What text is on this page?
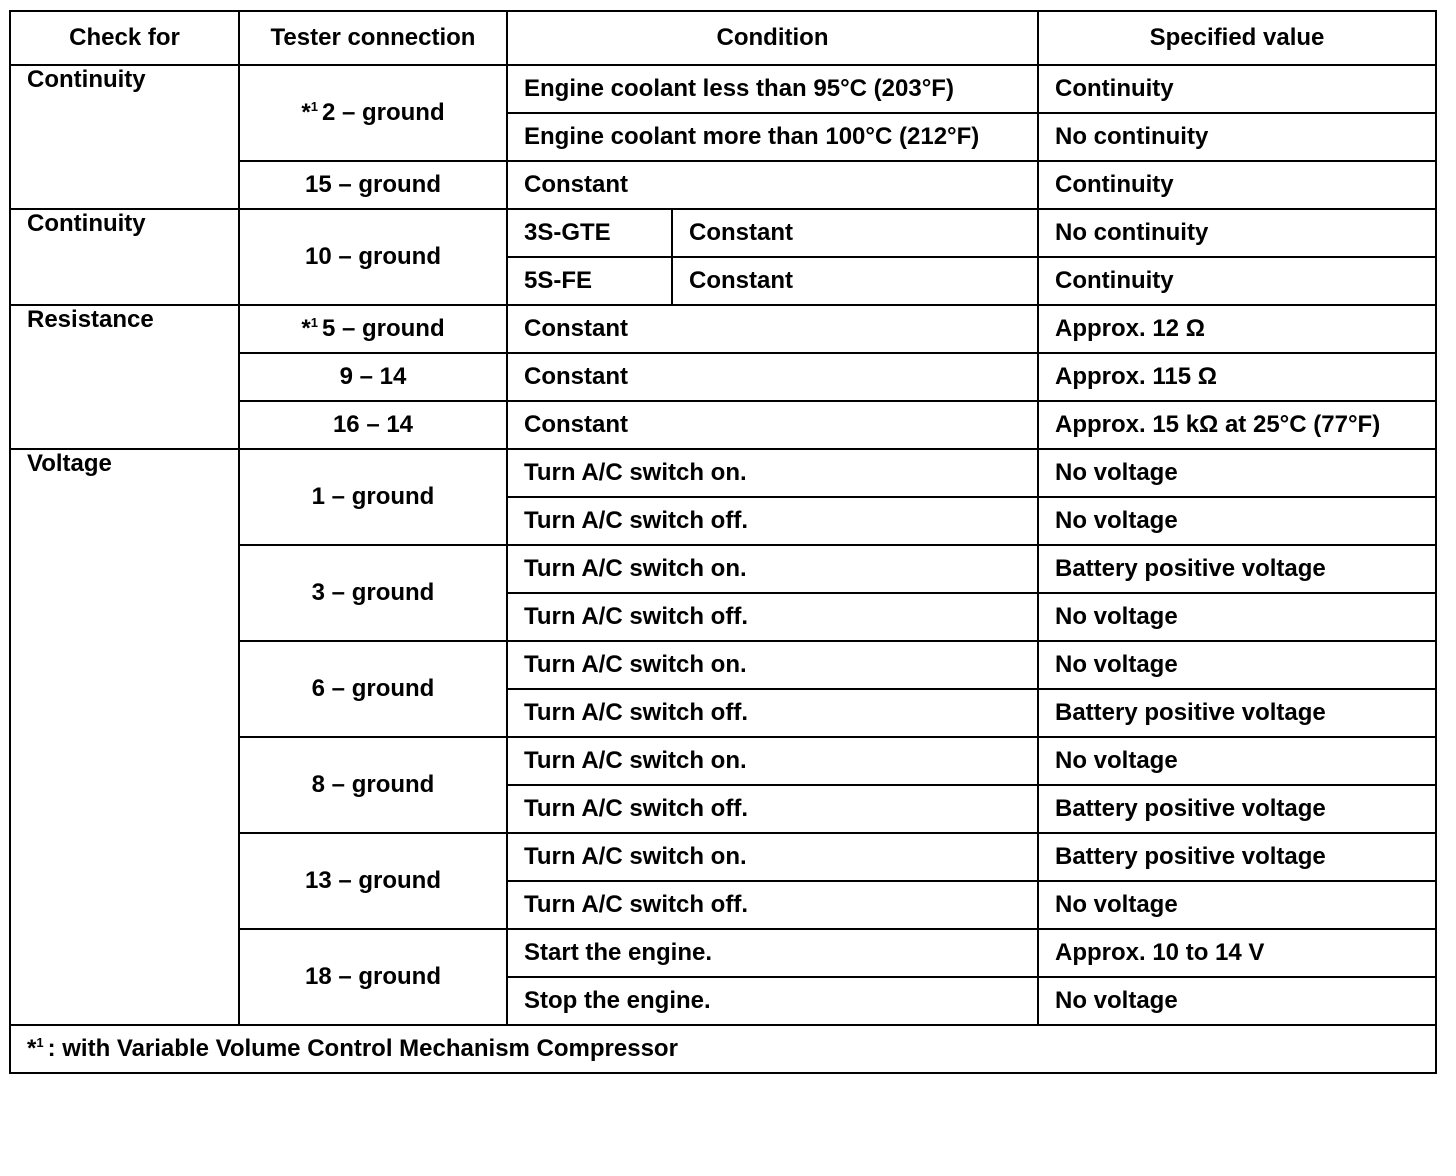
Check for	Tester connection	Condition		Specified value
Continuity	*$^1$ 2 – ground	Engine coolant less than 95°C (203°F)		Continuity
		Engine coolant more than 100°C (212°F)		No continuity
	15 – ground	Constant		Continuity
Continuity	10 – ground	3S-GTE	Constant	No continuity
		5S-FE	Constant	Continuity
Resistance	*$^1$ 5 – ground	Constant		Approx. 12 Ω
	9 – 14	Constant		Approx. 115 Ω
	16 – 14	Constant		Approx. 15 kΩ at 25°C (77°F)
Voltage	1 – ground	Turn A/C switch on.		No voltage
		Turn A/C switch off.		No voltage
	3 – ground	Turn A/C switch on.		Battery positive voltage
		Turn A/C switch off.		No voltage
	6 – ground	Turn A/C switch on.		No voltage
		Turn A/C switch off.		Battery positive voltage
	8 – ground	Turn A/C switch on.		No voltage
		Turn A/C switch off.		Battery positive voltage
	13 – ground	Turn A/C switch on.		Battery positive voltage
		Turn A/C switch off.		No voltage
	18 – ground	Start the engine.		Approx. 10 to 14 V
		Stop the engine.		No voltage
*$^1$ : with Variable Volume Control Mechanism Compressor				
